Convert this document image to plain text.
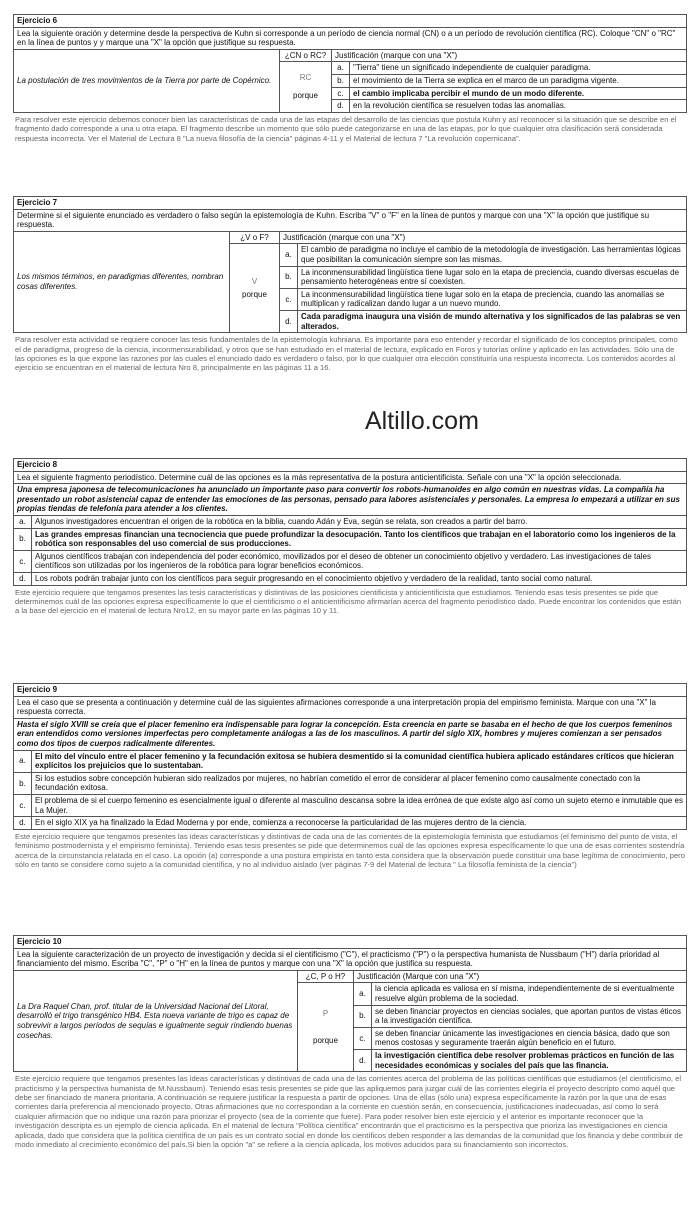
Ejercicio 6			
Lea la siguiente oración y determine desde la perspectiva de Kuhn si corresponde a un período de ciencia normal (CN) o a un período de revolución científica (RC). Coloque "CN" o "RC" en la línea de puntos y y marque una "X" la opción que justifique su respuesta.			
La postulación de tres movimientos de la Tierra por parte de Copérnico.	¿CN o RC?	Justificación (marque con una "X")	

	RC
porque	a.	"Tierra" tiene un significado independiente de cualquier paradigma.
		b.	el movimiento de la Tierra se explica en el marco de un paradigma vigente.
		c.	el cambio implicaba percibir el mundo de un modo diferente.
		d.	en la revolución científica se resuelven todas las anomalías.
Para resolver este ejercicio debemos conocer bien las características de cada una de las etapas del desarrollo de las ciencias que postula Kuhn y así reconocer si la situación que se describe en el fragmento dado corresponde a una u otra etapa. El fragmento describe un momento que sólo puede categorizarse en una de las etapas, por lo que cualquier otra clasificación será considerada respuesta incorrecta. Ver el Material de Lectura 8 "La nueva filosofía de la ciencia" páginas 4-11 y el Material de lectura 7 "La revolución copernicana".
Ejercicio 7			
Determine si el siguiente enunciado es verdadero o falso según la epistemología de Kuhn. Escriba "V" o "F" en la línea de puntos y marque con una "X" la opción que justifique su respuesta.			
Los mismos términos, en paradigmas diferentes, nombran cosas diferentes.	¿V o F?	Justificación (marque con una "X")	

	V
porque	a.	El cambio de paradigma no incluye el cambio de la metodología de investigación. Las herramientas lógicas que posibilitan la comunicación siempre son las mismas.
		b.	La inconmensurabilidad lingüística tiene lugar solo en la etapa de preciencia, cuando diversas escuelas de pensamiento heterogéneas entre sí coexisten.
		c.	La inconmensurabilidad lingüística tiene lugar solo en la etapa de preciencia, cuando las anomalías se multiplican y radicalizan dando lugar a un nuevo mundo.
		d.	Cada paradigma inaugura una visión de mundo alternativa y los significados de las palabras se ven alterados.
Para resolver esta actividad se requiere conocer las tesis fundamentales de la epistemología kuhniana. Es importante para eso entender y recordar el significado de los conceptos principales, como el de paradigma, progreso de la ciencia, inconmensurabilidad, y otros que se han estudiado en el material de lectura, explicado en Foros y tutorías online y aplicado en las actividades. Sólo una de las opciones es la que expone las razones por las cuales el enunciado dado es verdadero o falso, por lo que cualquier otra elección constituiría una respuesta incorrecta. Los contenidos acordes al ejercicio se encuentran en el material de lectura Nro 8, principalmente en las páginas 11 a 16.
Altillo.com
Ejercicio 8	
Lea el siguiente fragmento periodístico. Determine cuál de las opciones es la más representativa de la postura anticientificista. Señale con una "X" la opción seleccionada.	
Una empresa japonesa de telecomunicaciones ha anunciado un importante paso para convertir los robots-humanoides en algo común en nuestras vidas. La compañía ha presentado un robot asistencial capaz de entender las emociones de las personas, pensado para labores asistenciales y personales. La empresa lo empezará a utilizar en sus propias tiendas de telefonía para atender a los clientes.	
a.	Algunos investigadores encuentran el origen de la robótica en la biblia, cuando Adán y Eva, según se relata, son creados a partir del barro.
b.	Las grandes empresas financian una tecnociencia que puede profundizar la desocupación. Tanto los científicos que trabajan en el laboratorio como los ingenieros de la robótica son responsables del uso comercial de sus producciones.
c.	Algunos científicos trabajan con independencia del poder económico, movilizados por el deseo de obtener un conocimiento objetivo y verdadero. Las investigaciones de tales científicos son utilizadas por los ingenieros de la robótica para lograr beneficios económicos.
d.	Los robots podrán trabajar junto con los científicos para seguir progresando en el conocimiento objetivo y verdadero de la realidad, tanto social como natural.
Este ejercicio requiere que tengamos presentes las tesis características y distintivas de las posiciones cientificista y anticientificista que estudiamos. Teniendo esas tesis presentes se pide que determinemos cuál de las opciones expresa específicamente lo que el cientificismo o el anticientificismo afirmarían acerca del fragmento periodístico dado. Puede encontrar los contenidos que están a la base del ejercicio en el material de lectura Nro12, en su mayor parte en las páginas 10 y 11.
Ejercicio 9	
Lea el caso que se presenta a continuación y determine cuál de las siguientes afirmaciones corresponde a una interpretación propia del empirismo feminista. Marque con una "X" la respuesta correcta.	
Hasta el siglo XVIII se creía que el placer femenino era indispensable para lograr la concepción. Esta creencia en parte se basaba en el hecho de que los cuerpos femeninos eran entendidos como versiones imperfectas pero completamente análogas a las de los masculinos. A partir del siglo XIX, hombres y mujeres comienzan a ser pensados como dos tipos de cuerpos radicalmente diferentes.	
a.	El mito del vínculo entre el placer femenino y la fecundación exitosa se hubiera desmentido si la comunidad científica hubiera aplicado estándares críticos que hicieran explícitos los prejuicios que lo sustentaban.
b.	Si los estudios sobre concepción hubieran sido realizados por mujeres, no habrían cometido el error de considerar al placer femenino como causalmente conectado con la fecundación exitosa.
c.	El problema de si el cuerpo femenino es esencialmente igual o diferente al masculino descansa sobre la idea errónea de que existe algo así como un sujeto eterno e inmutable que es La Mujer.
d.	En el siglo XIX ya ha finalizado la Edad Moderna y por ende, comienza a reconocerse la particularidad de las mujeres dentro de la ciencia.
Este ejercicio requiere que tengamos presentes las ideas características y distintivas de cada una de las corrientes de la epistemología feminista que estudiamos (el feminismo del punto de vista, el feminismo postmodernista y el empirismo feminista). Teniendo esas tesis presentes se pide que determinemos cuál de las opciones expresa específicamente lo que una de esas corrientes sostendría acerca de la circunstancia relatada en el caso. La opción (a) corresponde a una postura empirista en tanto esta considera que la observación puede constituir una base legítima de conocimiento, pero sólo en tanto se considere como sujeto a la comunidad científica, y no al individuo aislado (ver páginas 7-9 del Material de lectura " La filosofía feminista de la ciencia")
Ejercicio 10			
Lea la siguiente caracterización de un proyecto de investigación y decida si el cientificismo ("C"), el practicismo ("P") o la perspectiva humanista de Nussbaum ("H") daría prioridad al financiamiento del mismo. Escriba "C", "P" o "H" en la línea de puntos y marque con una "X" la opción que justifica su respuesta.			
La Dra Raquel Chan, prof. titular de la Universidad Nacional del Litoral, desarrolló el trigo transgénico HB4. Esta nueva variante de trigo es capaz de sobrevivir a largos períodos de sequías e igualmente seguir rindiendo buenas cosechas.	¿C, P o H?	Justificación (Marque con una "X")	

	P
porque	a.	la ciencia aplicada es valiosa en sí misma, independientemente de si eventualmente resuelve algún problema de la sociedad.
		b.	se deben financiar proyectos en ciencias sociales, que aportan puntos de vistas éticos a la investigación científica.
		c.	se deben financiar únicamente las investigaciones en ciencia básica, dado que son menos costosas y seguramente traerán algún beneficio en el futuro.
		d.	la investigación científica debe resolver problemas prácticos en función de las necesidades económicas y sociales del país que las financia.
Este ejercicio requiere que tengamos presentes las ideas características y distintivas de cada una de las corrientes acerca del problema de las políticas científicas que estudiamos (el cientificismo, el practicismo y la perspectiva humanista de M.Nussbaum). Teniendo esas tesis presentes se pide que las apliquemos para juzgar cuál de las corrientes elegiría el proyecto descripto como aquél que debe ser financiado de manera prioritaria. A continuación se requiere justificar la respuesta a partir de opciones. Una de ellas (sólo una) expresa específicamente la razón por la que una de esas corrientes daría preferencia al mencionado proyecto. Otras afirmaciones que no correspondan a la corriente en cuestión serán, en consecuencia, justificaciones inadecuadas, así como lo será cualquier afirmación que no indique una razón para priorizar el proyecto (sea de la corriente que fuere). Para poder resolver bien este ejercicio y el anterior es importante reconocer que la investigación descripta es un ejemplo de ciencia aplicada. En el material de lectura "Política científica" encontrarán que el practicismo es la perspectiva que prioriza las investigaciones en ciencia aplicada, dado que considera que la política científica de un país es un contrato social en donde los científicos deben responder a las demandas de la comunidad que los financia y debe contribuir de modo inmediato al crecimiento económico del país.Si bien la opción "a" se refiere a la ciencia aplicada, los motivos aducidos para su financiamiento son incorrectos.
